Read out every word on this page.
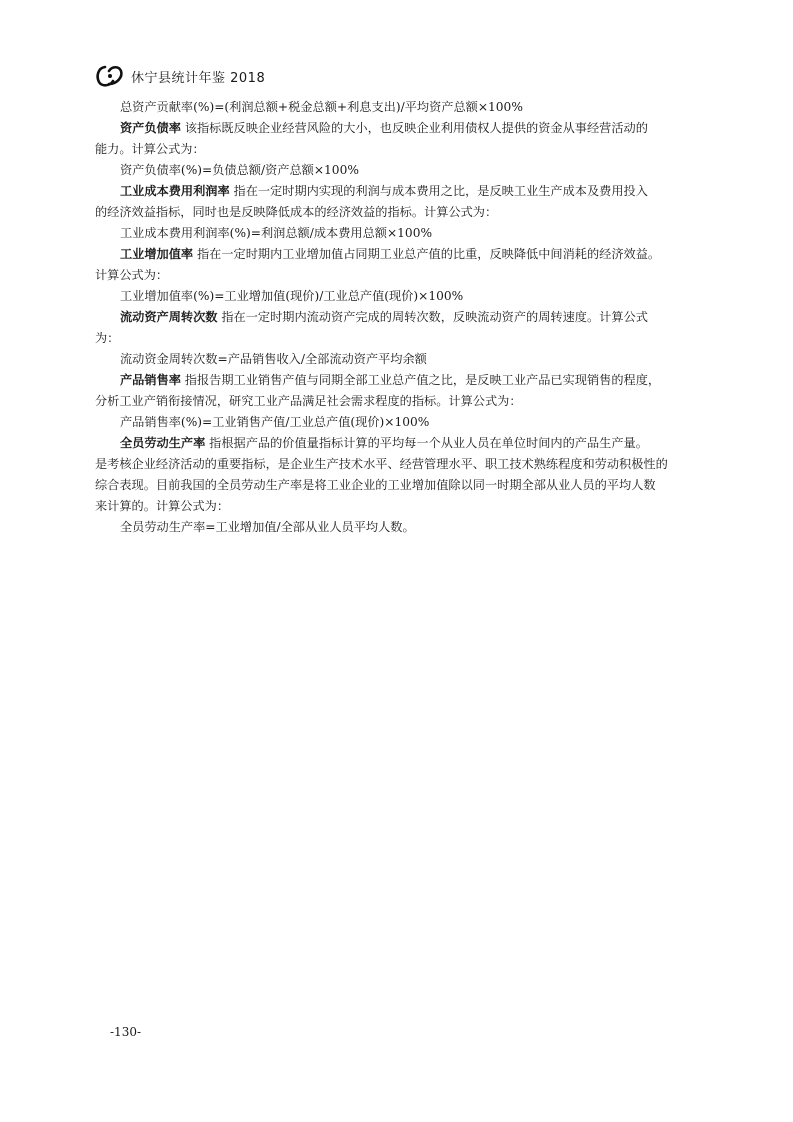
休宁县统计年鉴 2018

总资产贡献率(%)=(利润总额+税金总额+利息支出)/平均资产总额×100%

资产负债率 该指标既反映企业经营风险的大小，也反映企业利用债权人提供的资金从事经营活动的

能力。计算公式为：

资产负债率(%)=负债总额/资产总额×100%

工业成本费用利润率 指在一定时期内实现的利润与成本费用之比，是反映工业生产成本及费用投入

的经济效益指标，同时也是反映降低成本的经济效益的指标。计算公式为：

工业成本费用利润率(%)=利润总额/成本费用总额×100%

工业增加值率 指在一定时期内工业增加值占同期工业总产值的比重，反映降低中间消耗的经济效益。

计算公式为：

工业增加值率(%)=工业增加值(现价)/工业总产值(现价)×100%

流动资产周转次数 指在一定时期内流动资产完成的周转次数，反映流动资产的周转速度。计算公式

为：

流动资金周转次数=产品销售收入/全部流动资产平均余额

产品销售率 指报告期工业销售产值与同期全部工业总产值之比，是反映工业产品已实现销售的程度，

分析工业产销衔接情况，研究工业产品满足社会需求程度的指标。计算公式为：

产品销售率(%)=工业销售产值/工业总产值(现价)×100%

全员劳动生产率 指根据产品的价值量指标计算的平均每一个从业人员在单位时间内的产品生产量。

是考核企业经济活动的重要指标，是企业生产技术水平、经营管理水平、职工技术熟练程度和劳动积极性的

综合表现。目前我国的全员劳动生产率是将工业企业的工业增加值除以同一时期全部从业人员的平均人数

来计算的。计算公式为：

全员劳动生产率=工业增加值/全部从业人员平均人数。

-130-
